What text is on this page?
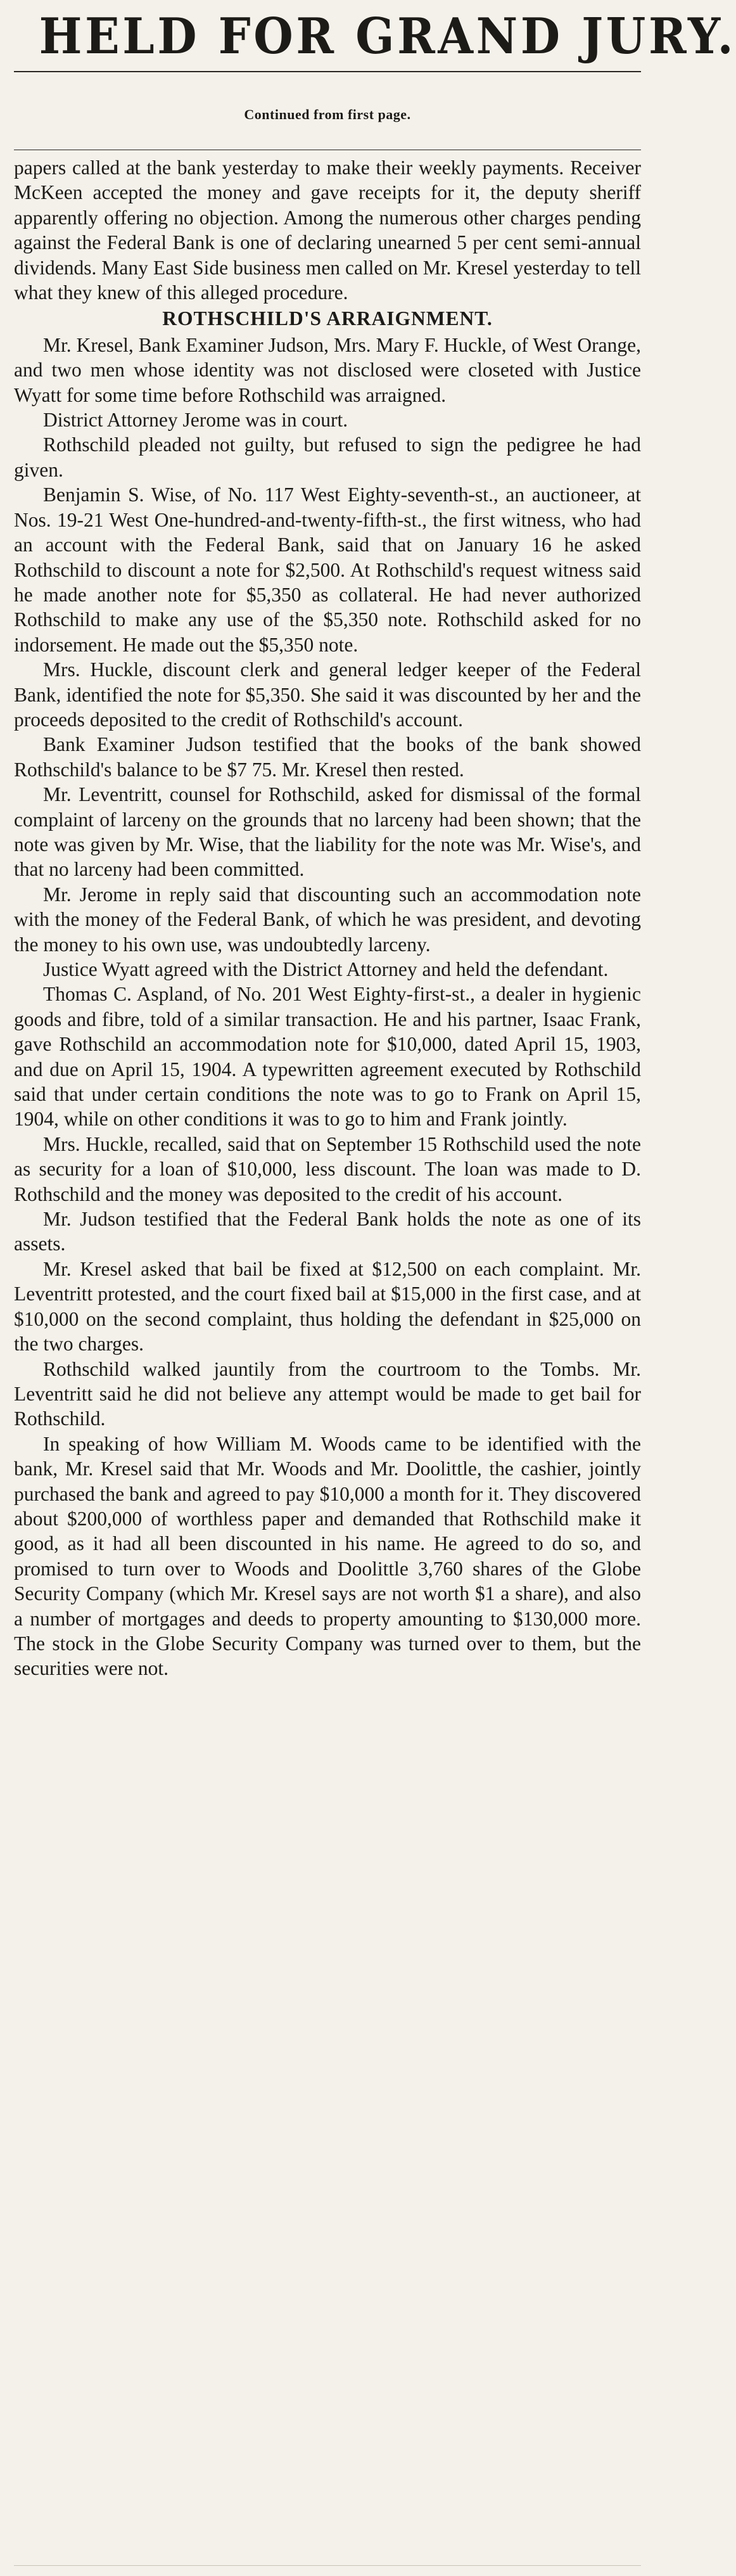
HELD FOR GRAND JURY.
Continued from first page.

papers called at the bank yesterday to make their weekly payments. Receiver McKeen accepted the money and gave receipts for it, the deputy sheriff apparently offering no objection. Among the numerous other charges pending against the Federal Bank is one of declaring unearned 5 per cent semi-annual dividends. Many East Side business men called on Mr. Kresel yesterday to tell what they knew of this alleged procedure.

ROTHSCHILD'S ARRAIGNMENT.

Mr. Kresel, Bank Examiner Judson, Mrs. Mary F. Huckle, of West Orange, and two men whose identity was not disclosed were closeted with Justice Wyatt for some time before Rothschild was arraigned.

District Attorney Jerome was in court.

Rothschild pleaded not guilty, but refused to sign the pedigree he had given.

Benjamin S. Wise, of No. 117 West Eighty-seventh-st., an auctioneer, at Nos. 19-21 West One-hundred-and-twenty-fifth-st., the first witness, who had an account with the Federal Bank, said that on January 16 he asked Rothschild to discount a note for $2,500. At Rothschild's request witness said he made another note for $5,350 as collateral. He had never authorized Rothschild to make any use of the $5,350 note. Rothschild asked for no indorsement. He made out the $5,350 note.

Mrs. Huckle, discount clerk and general ledger keeper of the Federal Bank, identified the note for $5,350. She said it was discounted by her and the proceeds deposited to the credit of Rothschild's account.

Bank Examiner Judson testified that the books of the bank showed Rothschild's balance to be $7 75. Mr. Kresel then rested.

Mr. Leventritt, counsel for Rothschild, asked for dismissal of the formal complaint of larceny on the grounds that no larceny had been shown; that the note was given by Mr. Wise, that the liability for the note was Mr. Wise's, and that no larceny had been committed.

Mr. Jerome in reply said that discounting such an accommodation note with the money of the Federal Bank, of which he was president, and devoting the money to his own use, was undoubtedly larceny.

Justice Wyatt agreed with the District Attorney and held the defendant.

Thomas C. Aspland, of No. 201 West Eighty-first-st., a dealer in hygienic goods and fibre, told of a similar transaction. He and his partner, Isaac Frank, gave Rothschild an accommodation note for $10,000, dated April 15, 1903, and due on April 15, 1904. A typewritten agreement executed by Rothschild said that under certain conditions the note was to go to Frank on April 15, 1904, while on other conditions it was to go to him and Frank jointly.

Mrs. Huckle, recalled, said that on September 15 Rothschild used the note as security for a loan of $10,000, less discount. The loan was made to D. Rothschild and the money was deposited to the credit of his account.

Mr. Judson testified that the Federal Bank holds the note as one of its assets.

Mr. Kresel asked that bail be fixed at $12,500 on each complaint. Mr. Leventritt protested, and the court fixed bail at $15,000 in the first case, and at $10,000 on the second complaint, thus holding the defendant in $25,000 on the two charges.

Rothschild walked jauntily from the courtroom to the Tombs. Mr. Leventritt said he did not believe any attempt would be made to get bail for Rothschild.

In speaking of how William M. Woods came to be identified with the bank, Mr. Kresel said that Mr. Woods and Mr. Doolittle, the cashier, jointly purchased the bank and agreed to pay $10,000 a month for it. They discovered about $200,000 of worthless paper and demanded that Rothschild make it good, as it had all been discounted in his name. He agreed to do so, and promised to turn over to Woods and Doolittle 3,760 shares of the Globe Security Company (which Mr. Kresel says are not worth $1 a share), and also a number of mortgages and deeds to property amounting to $130,000 more. The stock in the Globe Security Company was turned over to them, but the securities were not.
